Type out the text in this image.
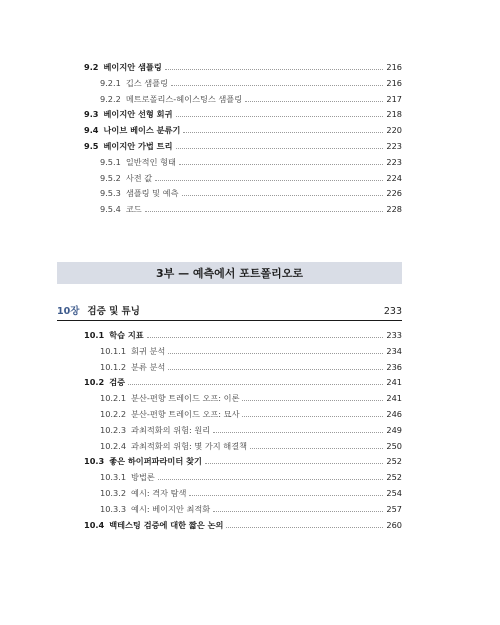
9.2 베이지안 샘플링	216
9.2.1 깁스 샘플링	216
9.2.2 메트로폴리스-헤이스팅스 샘플링	217
9.3 베이지안 선형 회귀	218
9.4 나이브 베이스 분류기	220
9.5 베이지안 가법 트리	223
9.5.1 일반적인 형태	223
9.5.2 사전 값	224
9.5.3 샘플링 및 예측	226
9.5.4 코드	228
3부 — 예측에서 포트폴리오로
10장 검증 및 튜닝	233
10.1 학습 지표	233
10.1.1 회귀 분석	234
10.1.2 분류 분석	236
10.2 검증	241
10.2.1 분산-편향 트레이드 오프: 이론	241
10.2.2 분산-편향 트레이드 오프: 묘사	246
10.2.3 과최적화의 위험: 원리	249
10.2.4 과최적화의 위험: 몇 가지 해결책	250
10.3 좋은 하이퍼파라미터 찾기	252
10.3.1 방법론	252
10.3.2 예시: 격자 탐색	254
10.3.3 예시: 베이지안 최적화	257
10.4 백테스팅 검증에 대한 짧은 논의	260
